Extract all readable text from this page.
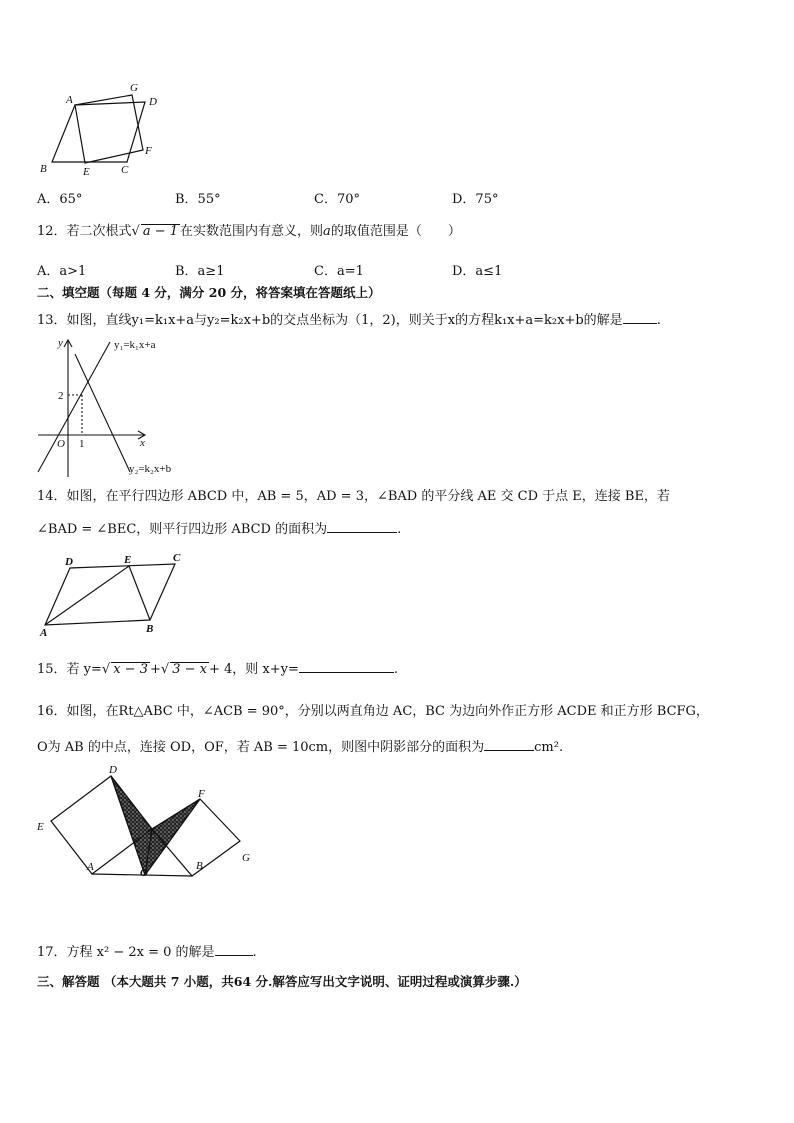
A
G
D
F
B	E	C
A．65°	B．55°	C．70°	D．75°
12．若二次根式√ a − 1 在实数范围内有意义，则a的取值范围是（　　）
A．a>1	B．a≥1	C．a=1	D．a≤1
二、填空题（每题 4 分，满分 20 分，将答案填在答题纸上）
13．如图，直线y₁=k₁x+a与y₂=k₂x+b的交点坐标为（1，2)，则关于x的方程k₁x+a=k₂x+b的解是	.
y
x
O 1
2
y₁=k₁x+a
y₂=k₂x+b
14．如图，在平行四边形 ABCD 中，AB = 5，AD = 3，∠BAD 的平分线 AE 交 CD 于点 E，连接 BE，若
∠BAD = ∠BEC，则平行四边形 ABCD 的面积为	.
D	E	C
A	B
15．若 y=√ x − 3 +√ 3 − x + 4，则 x+y=	.
16．如图，在Rt△ABC 中，∠ACB = 90°，分别以两直角边 AC，BC 为边向外作正方形 ACDE 和正方形 BCFG，
O为 AB 的中点，连接 OD，OF，若 AB = 10cm，则图中阴影部分的面积为	cm².
D
F
E	C
G
A	O
B
17．方程 x² − 2x = 0 的解是	.
三、解答题 （本大题共 7 小题，共64 分.解答应写出文字说明、证明过程或演算步骤.）
